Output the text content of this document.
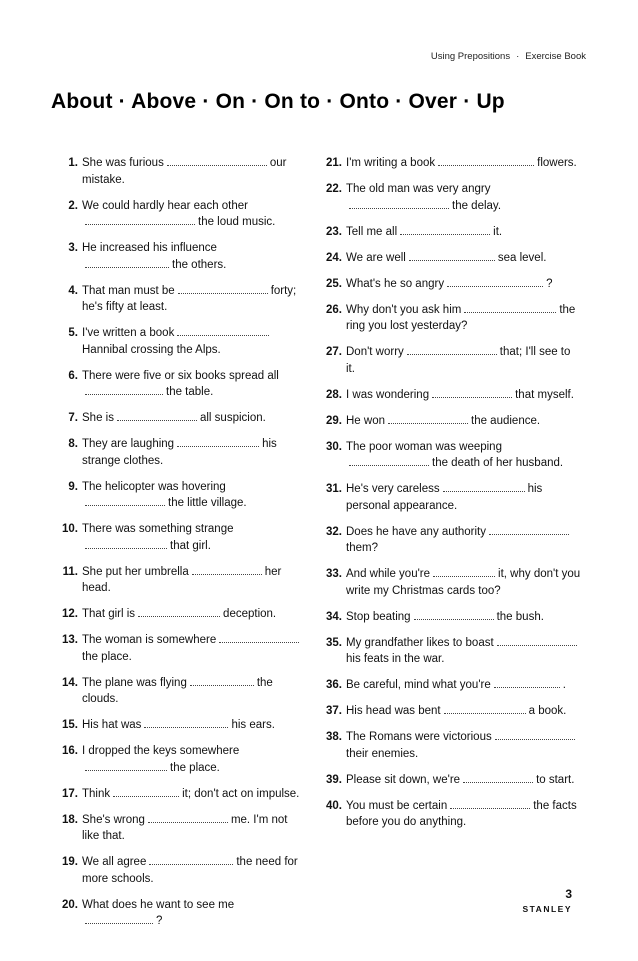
Using Prepositions · Exercise Book
About · Above · On · On to · Onto · Over · Up
1. She was furious	our mistake.
2. We could hardly hear each otherthe loud music.
3. He increased his influencethe others.
4. That man must be	forty; he's fifty at least.
5. I've written a bookHannibal crossing the Alps.
6. There were five or six books spread allthe table.
7. She is	all suspicion.
8. They are laughing	his strange clothes.
9. The helicopter was hoveringthe little village.
10. There was something strangethat girl.
11. She put her umbrella	her head.
12. That girl is	deception.
13. The woman is somewherethe place.
14. The plane was flying	the clouds.
15. His hat was	his ears.
16. I dropped the keys somewherethe place.
17. Think	it; don't act on impulse.
18. She's wrong	me. I'm not like that.
19. We all agree	the need for more schools.
20. What does he want to see me?
21. I'm writing a book	flowers.
22. The old man was very angrythe delay.
23. Tell me all	it.
24. We are well	sea level.
25. What's he so angry	?
26. Why don't you ask him	the ring you lost yesterday?
27. Don't worry	that; I'll see to it.
28. I was wondering	that myself.
29. He won	the audience.
30. The poor woman was weepingthe death of her husband.
31. He's very careless	his personal appearance.
32. Does he have any authoritythem?
33. And while you're	it, why don't you write my Christmas cards too?
34. Stop beating	the bush.
35. My grandfather likes to boasthis feats in the war.
36. Be careful, mind what you're	.
37. His head was bent	a book.
38. The Romans were victorioustheir enemies.
39. Please sit down, we're	to start.
40. You must be certain	the facts before you do anything.
3
STANLEY
